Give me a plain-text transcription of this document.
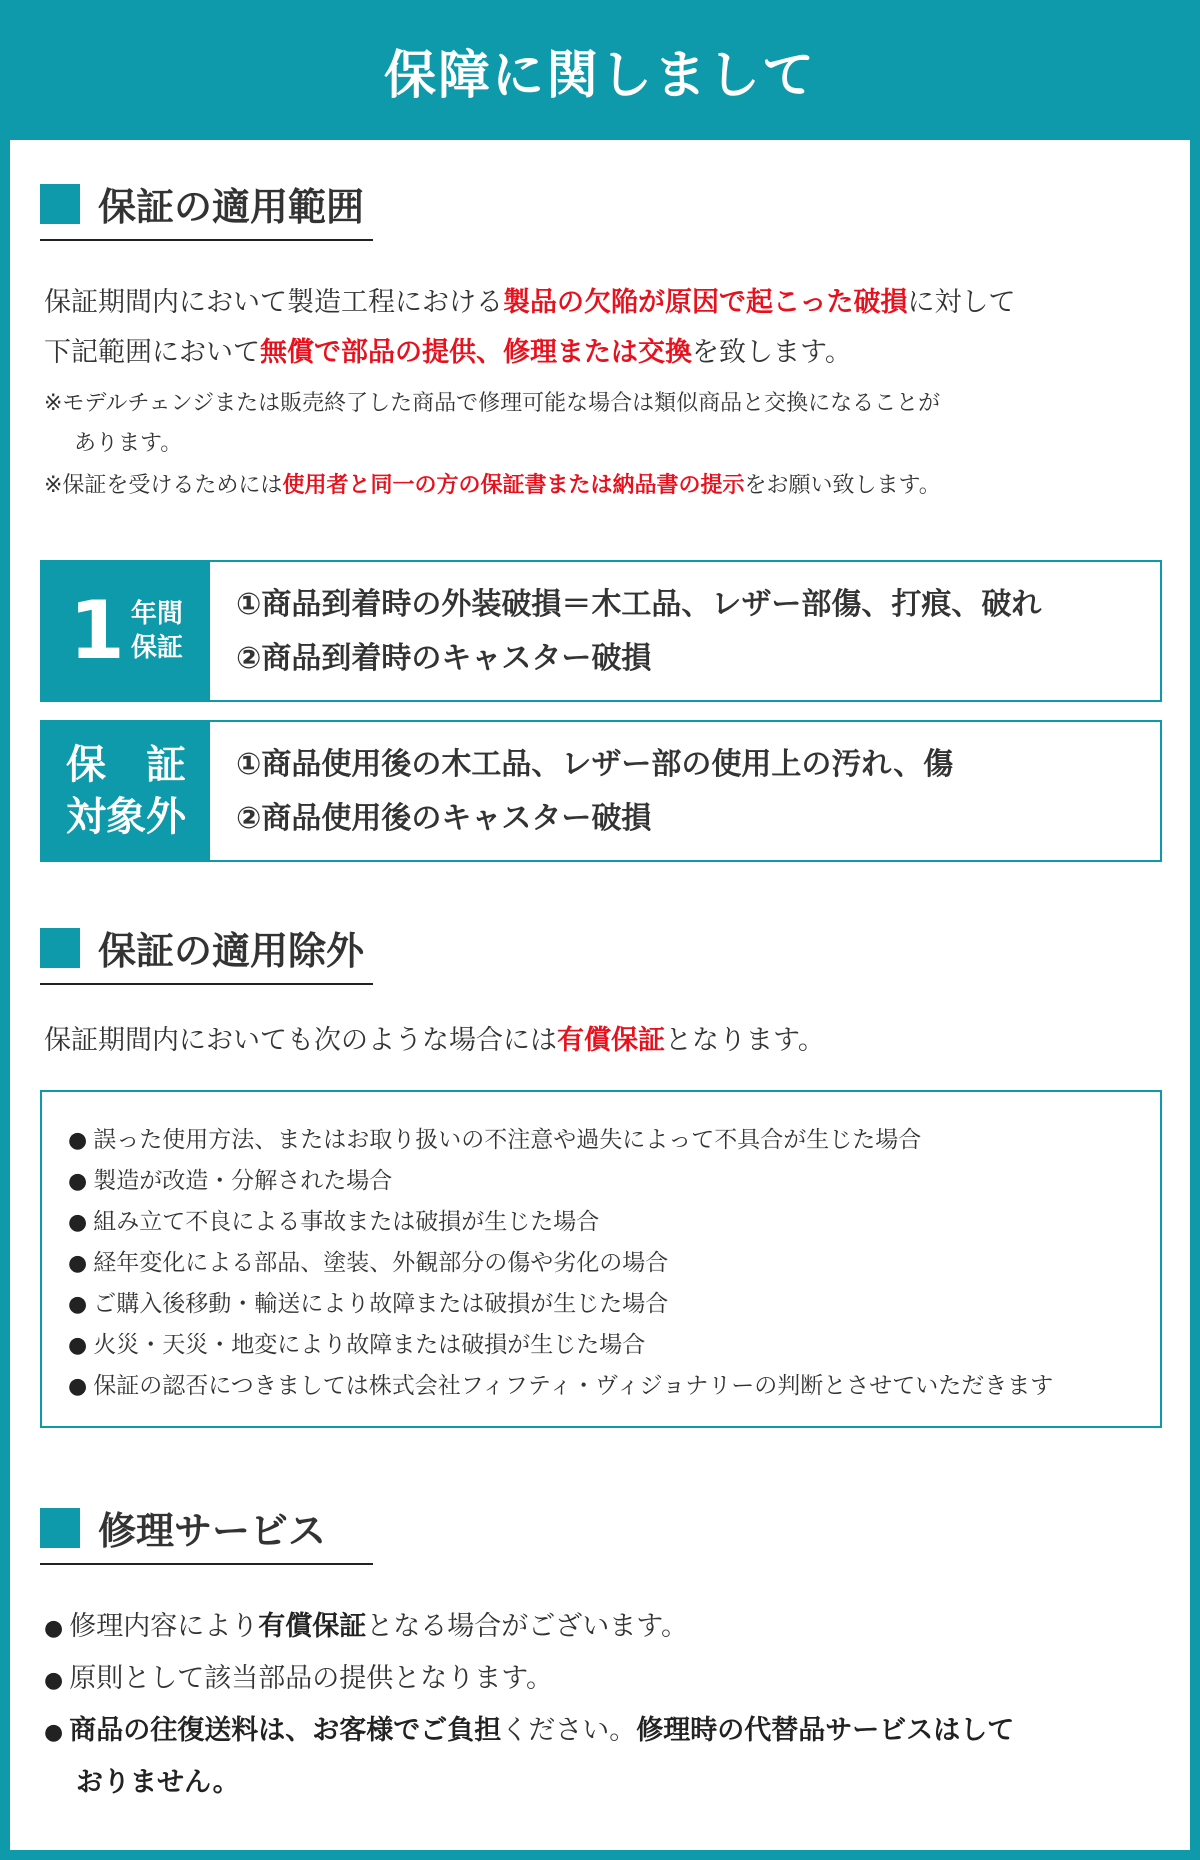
保障に関しまして
保証の適用範囲
保証期間内において製造工程における製品の欠陥が原因で起こった破損に対して
下記範囲において無償で部品の提供、修理または交換を致します。
※モデルチェンジまたは販売終了した商品で修理可能な場合は類似商品と交換になることが
あります。
※保証を受けるためには使用者と同一の方の保証書または納品書の提示をお願い致します。
1 年間
保証
①商品到着時の外装破損＝木工品、レザー部傷、打痕、破れ
②商品到着時のキャスター破損
保　証
対象外
①商品使用後の木工品、レザー部の使用上の汚れ、傷
②商品使用後のキャスター破損
保証の適用除外
保証期間内においても次のような場合には有償保証となります。
● 誤った使用方法、またはお取り扱いの不注意や過失によって不具合が生じた場合
● 製造が改造・分解された場合
● 組み立て不良による事故または破損が生じた場合
● 経年変化による部品、塗装、外観部分の傷や劣化の場合
● ご購入後移動・輸送により故障または破損が生じた場合
● 火災・天災・地変により故障または破損が生じた場合
● 保証の認否につきましては株式会社フィフティ・ヴィジョナリーの判断とさせていただきます
修理サービス
● 修理内容により有償保証となる場合がございます。
● 原則として該当部品の提供となります。
● 商品の往復送料は、お客様でご負担ください。修理時の代替品サービスはして
おりません。
